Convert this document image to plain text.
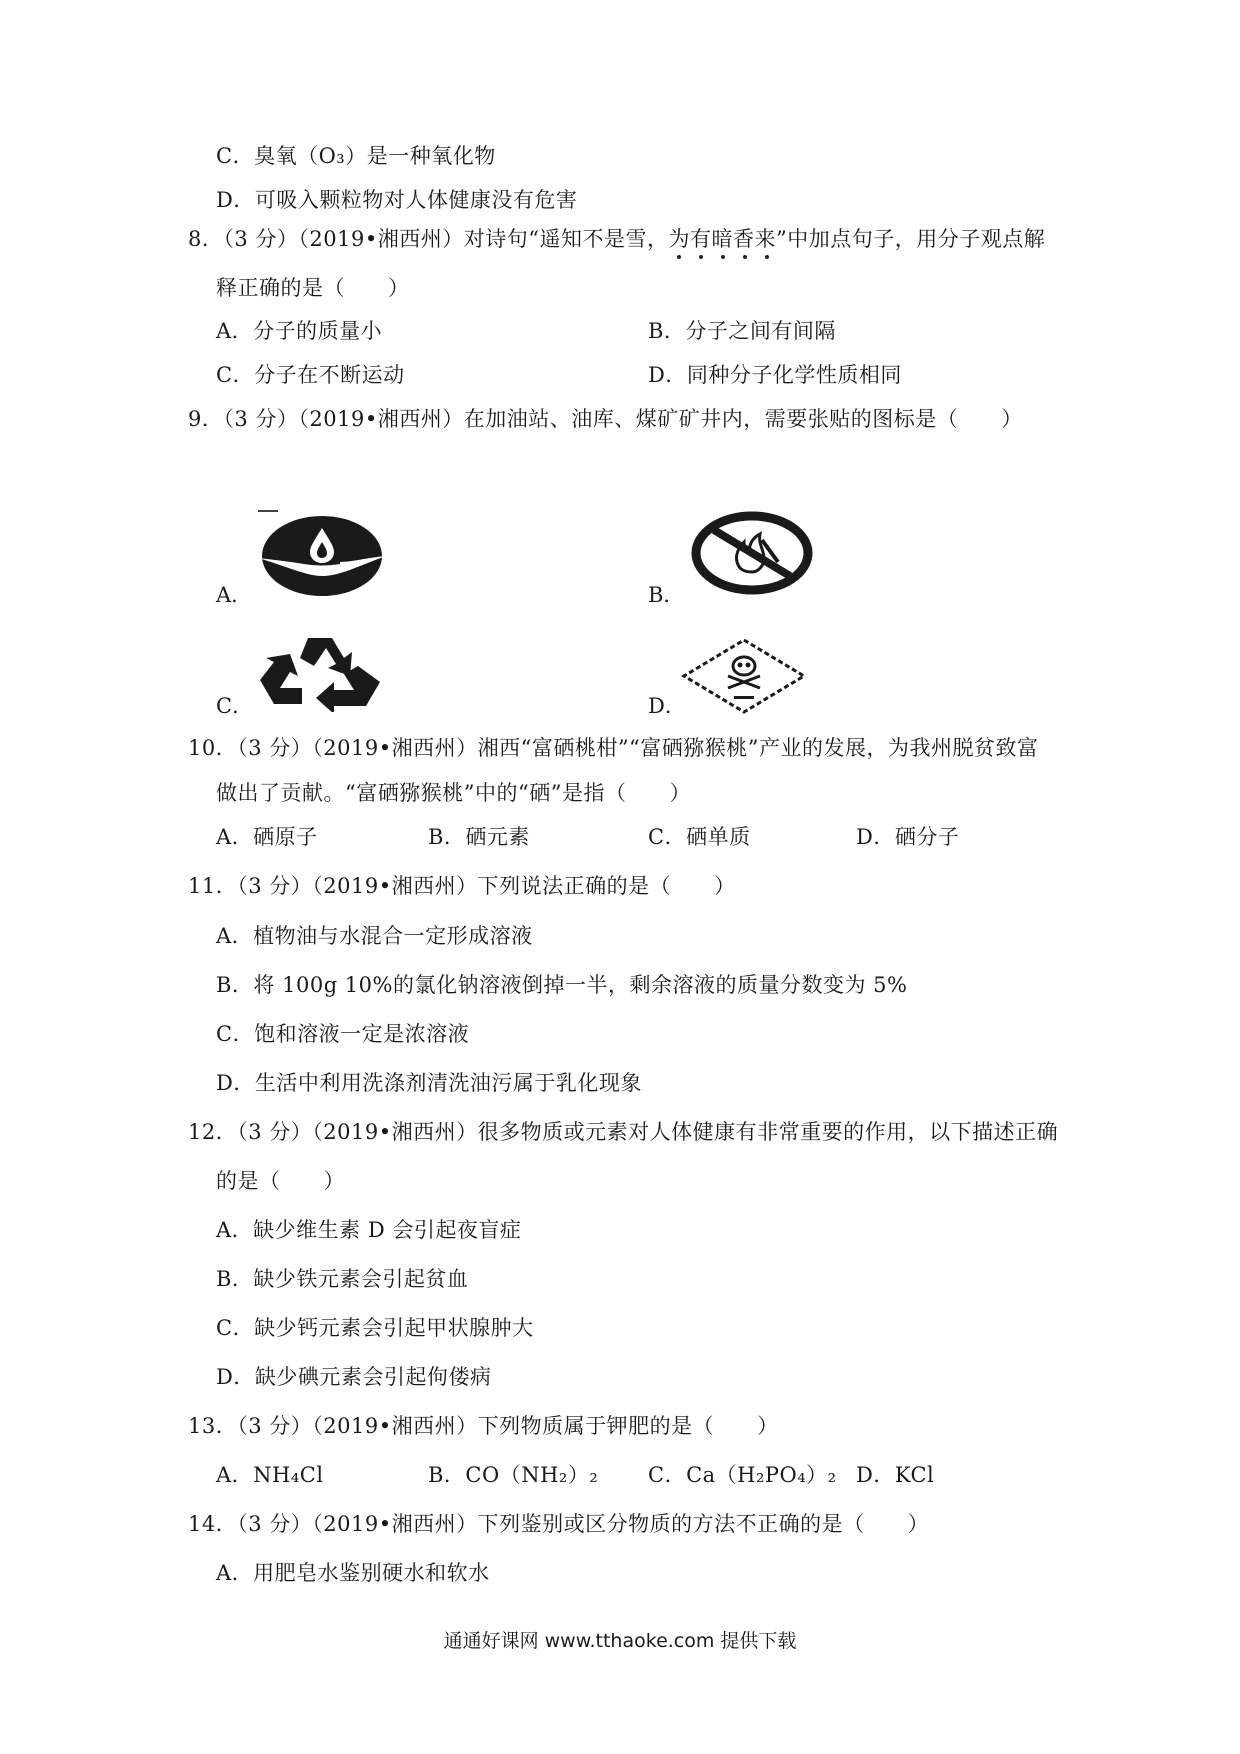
C．臭氧（O₃）是一种氧化物
D．可吸入颗粒物对人体健康没有危害
8．（3 分）（2019•湘西州）对诗句“遥知不是雪，为有暗香来
”中加点句子，用分子观点解
释正确的是（　　）
A．分子的质量小	B．分子之间有间隔
C．分子在不断运动	D．同种分子化学性质相同
9．（3 分）（2019•湘西州）在加油站、油库、煤矿矿井内，需要张贴的图标是（　　）
A．	B．
C．	D．
10．（3 分）（2019•湘西州）湘西“富硒桃柑”“富硒猕猴桃”产业的发展，为我州脱贫致富
做出了贡献。“富硒猕猴桃”中的“硒”是指（　　）
A．硒原子	B．硒元素	C．硒单质	D．硒分子
11．（3 分）（2019•湘西州）下列说法正确的是（　　）
A．植物油与水混合一定形成溶液
B．将 100g 10%的氯化钠溶液倒掉一半，剩余溶液的质量分数变为 5%
C．饱和溶液一定是浓溶液
D．生活中利用洗涤剂清洗油污属于乳化现象
12．（3 分）（2019•湘西州）很多物质或元素对人体健康有非常重要的作用，以下描述正确
的是（　　）
A．缺少维生素 D 会引起夜盲症
B．缺少铁元素会引起贫血
C．缺少钙元素会引起甲状腺肿大
D．缺少碘元素会引起佝偻病
13．（3 分）（2019•湘西州）下列物质属于钾肥的是（　　）
A．NH₄Cl	B．CO（NH₂）₂ C．Ca（H₂PO₄）₂ D．KCl
14．（3 分）（2019•湘西州）下列鉴别或区分物质的方法不正确的是（　　）
A．用肥皂水鉴别硬水和软水
通通好课网 www.tthaoke.com 提供下载
